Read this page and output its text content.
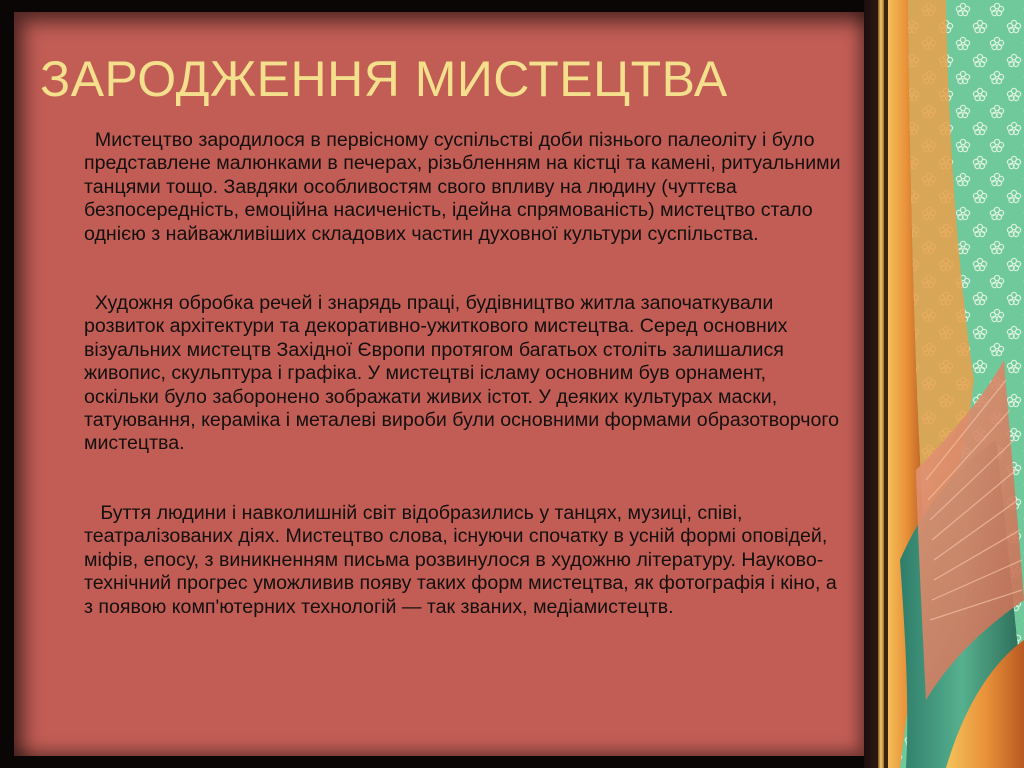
ЗАРОДЖЕННЯ МИСТЕЦТВА

Мистецтво зародилося в первісному суспільстві доби пізнього палеоліту і було представлене малюнками в печерах, різьбленням на кістці та камені, ритуальними танцями тощо. Завдяки особливостям свого впливу на людину (чуттєва безпосередність, емоційна насиченість, ідейна спрямованість) мистецтво стало однією з найважливіших складових частин духовної культури суспільства.

Художня обробка речей і знарядь праці, будівництво житла започаткували розвиток архітектури та декоративно-ужиткового мистецтва. Серед основних візуальних мистецтв Західної Європи протягом багатьох століть залишалися живопис, скульптура і графіка. У мистецтві ісламу основним був орнамент, оскільки було заборонено зображати живих істот. У деяких культурах маски, татуювання, кераміка і металеві вироби були основними формами образотворчого мистецтва.

Буття людини і навколишній світ відобразились у танцях, музиці, співі, театралізованих діях. Мистецтво слова, існуючи спочатку в усній формі оповідей, міфів, епосу, з виникненням письма розвинулося в художню літературу. Науково-технічний прогрес уможливив появу таких форм мистецтва, як фотографія і кіно, а з появою комп'ютерних технологій — так званих, медіамистецтв.
